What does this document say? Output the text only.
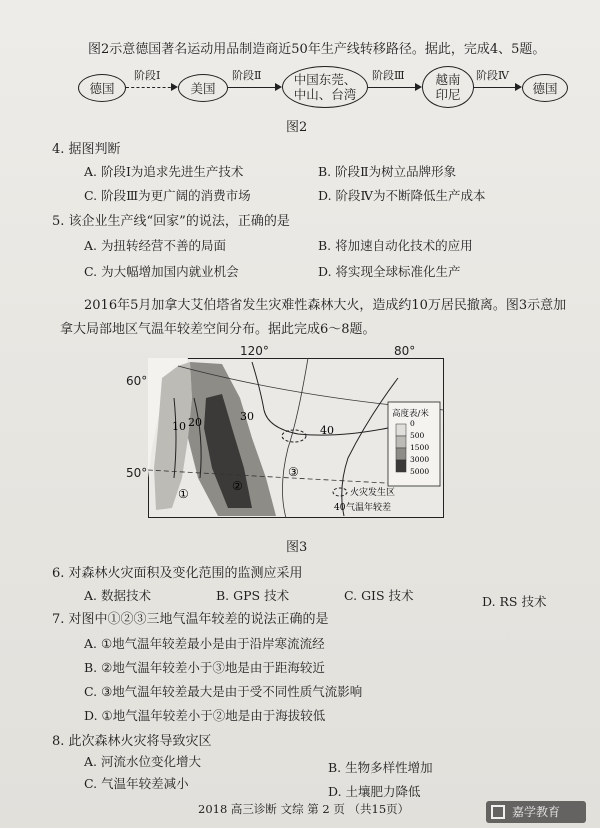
图2示意德国著名运动用品制造商近50年生产线转移路径。据此，完成4、5题。

德国
阶段Ⅰ
美国
阶段Ⅱ	中国东莞、
中山、台湾
阶段Ⅲ 越南
印尼
阶段Ⅳ
德国
图2
4. 据图判断
A. 阶段Ⅰ为追求先进生产技术	B. 阶段Ⅱ为树立品牌形象
C. 阶段Ⅲ为更广阔的消费市场	D. 阶段Ⅳ为不断降低生产成本
5. 该企业生产线“回家”的说法，正确的是
A. 为扭转经营不善的局面	B. 将加速自动化技术的应用
C. 为大幅增加国内就业机会	D. 将实现全球标准化生产
2016年5月加拿大艾伯塔省发生灾难性森林大火，造成约10万居民撤离。图3示意加
拿大局部地区气温年较差空间分布。据此完成6～8题。
120°	80°
60°
50°
30
40
10 20
①
②
③
高度表/米
0
500
1500
3000
5000
火灾发生区
40 气温年较差
图3
6. 对森林火灾面积及变化范围的监测应采用
A. 数据技术	B. GPS 技术	C. GIS 技术	D. RS 技术
7. 对图中①②③三地气温年较差的说法正确的是
A. ①地气温年较差最小是由于沿岸寒流流经
B. ②地气温年较差小于③地是由于距海较近
C. ③地气温年较差最大是由于受不同性质气流影响
D. ①地气温年较差小于②地是由于海拔较低
8. 此次森林火灾将导致灾区
A. 河流水位变化增大	B. 生物多样性增加
C. 气温年较差减小
D. 土壤肥力降低
2018 高三诊断 文综 第 2 页 （共15页）	嘉学教育
